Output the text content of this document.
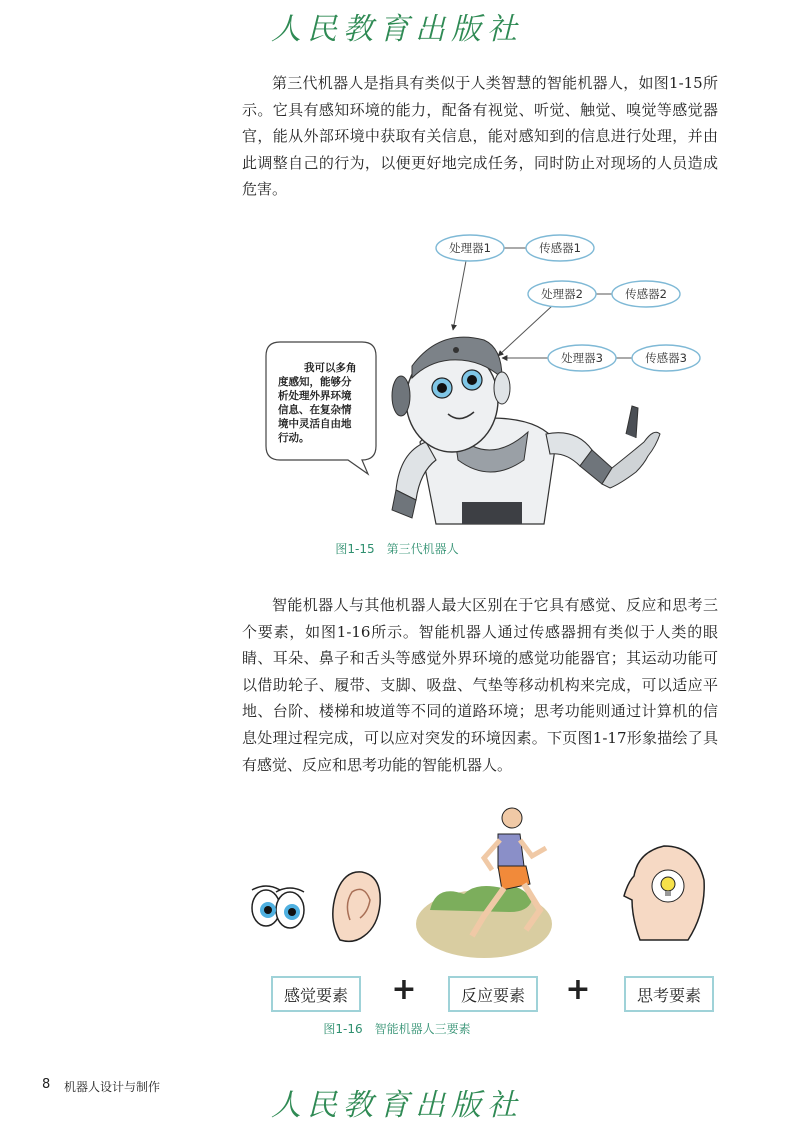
人民教育出版社

第三代机器人是指具有类似于人类智慧的智能机器人，如图1-15所示。它具有感知环境的能力，配备有视觉、听觉、触觉、嗅觉等感觉器官，能从外部环境中获取有关信息，能对感知到的信息进行处理，并由此调整自己的行为，以便更好地完成任务，同时防止对现场的人员造成危害。

处理器1	传感器1
处理器2	传感器2
处理器3	传感器3
我可以多角
度感知，能够分
析处理外界环境
信息、在复杂情
境中灵活自由地
行动。
图1-15　第三代机器人

智能机器人与其他机器人最大区别在于它具有感觉、反应和思考三个要素，如图1-16所示。智能机器人通过传感器拥有类似于人类的眼睛、耳朵、鼻子和舌头等感觉外界环境的感觉功能器官；其运动功能可以借助轮子、履带、支脚、吸盘、气垫等移动机构来完成，可以适应平地、台阶、楼梯和坡道等不同的道路环境；思考功能则通过计算机的信息处理过程完成，可以应对突发的环境因素。下页图1-17形象描绘了具有感觉、反应和思考功能的智能机器人。

感觉要素	+	反应要素	+	思考要素
图1-16　智能机器人三要素
8 机器人设计与制作
人民教育出版社
